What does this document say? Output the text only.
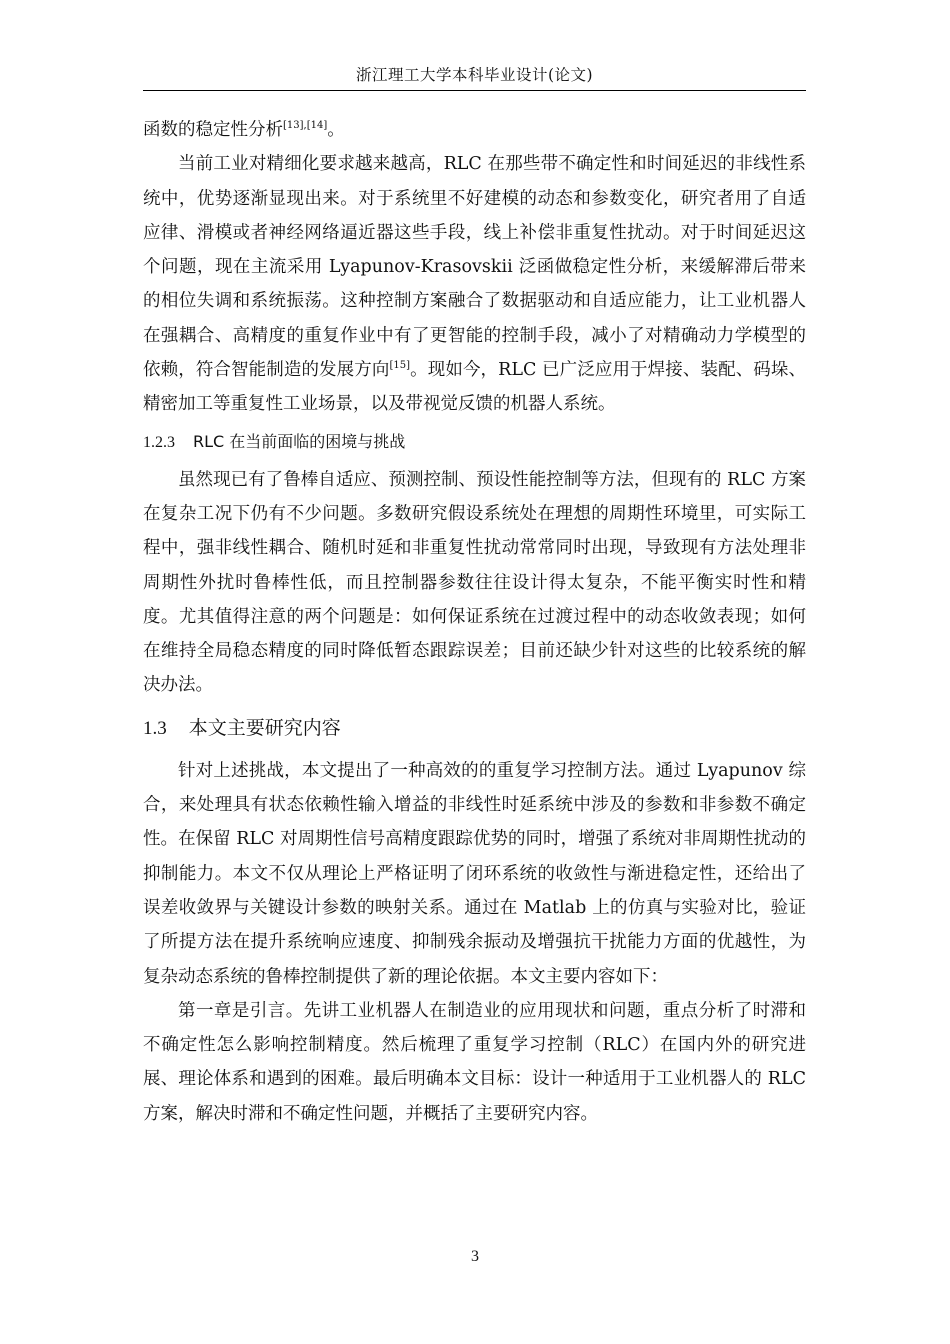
浙江理工大学本科毕业设计(论文)

函数的稳定性分析[13],[14]。

当前工业对精细化要求越来越高，RLC 在那些带不确定性和时间延迟的非线性系统中，优势逐渐显现出来。对于系统里不好建模的动态和参数变化，研究者用了自适应律、滑模或者神经网络逼近器这些手段，线上补偿非重复性扰动。对于时间延迟这个问题，现在主流采用 Lyapunov-Krasovskii 泛函做稳定性分析，来缓解滞后带来的相位失调和系统振荡。这种控制方案融合了数据驱动和自适应能力，让工业机器人在强耦合、高精度的重复作业中有了更智能的控制手段，减小了对精确动力学模型的依赖，符合智能制造的发展方向[15]。现如今，RLC 已广泛应用于焊接、装配、码垛、精密加工等重复性工业场景，以及带视觉反馈的机器人系统。

1.2.3 RLC 在当前面临的困境与挑战

虽然现已有了鲁棒自适应、预测控制、预设性能控制等方法，但现有的 RLC 方案在复杂工况下仍有不少问题。多数研究假设系统处在理想的周期性环境里，可实际工程中，强非线性耦合、随机时延和非重复性扰动常常同时出现，导致现有方法处理非周期性外扰时鲁棒性低，而且控制器参数往往设计得太复杂，不能平衡实时性和精度。尤其值得注意的两个问题是：如何保证系统在过渡过程中的动态收敛表现；如何在维持全局稳态精度的同时降低暂态跟踪误差；目前还缺少针对这些的比较系统的解决办法。

1.3 本文主要研究内容

针对上述挑战，本文提出了一种高效的的重复学习控制方法。通过 Lyapunov 综合，来处理具有状态依赖性输入增益的非线性时延系统中涉及的参数和非参数不确定性。在保留 RLC 对周期性信号高精度跟踪优势的同时，增强了系统对非周期性扰动的抑制能力。本文不仅从理论上严格证明了闭环系统的收敛性与渐进稳定性，还给出了误差收敛界与关键设计参数的映射关系。通过在 Matlab 上的仿真与实验对比，验证了所提方法在提升系统响应速度、抑制残余振动及增强抗干扰能力方面的优越性，为复杂动态系统的鲁棒控制提供了新的理论依据。本文主要内容如下：

第一章是引言。先讲工业机器人在制造业的应用现状和问题，重点分析了时滞和不确定性怎么影响控制精度。然后梳理了重复学习控制（RLC）在国内外的研究进展、理论体系和遇到的困难。最后明确本文目标：设计一种适用于工业机器人的 RLC 方案，解决时滞和不确定性问题，并概括了主要研究内容。

3
